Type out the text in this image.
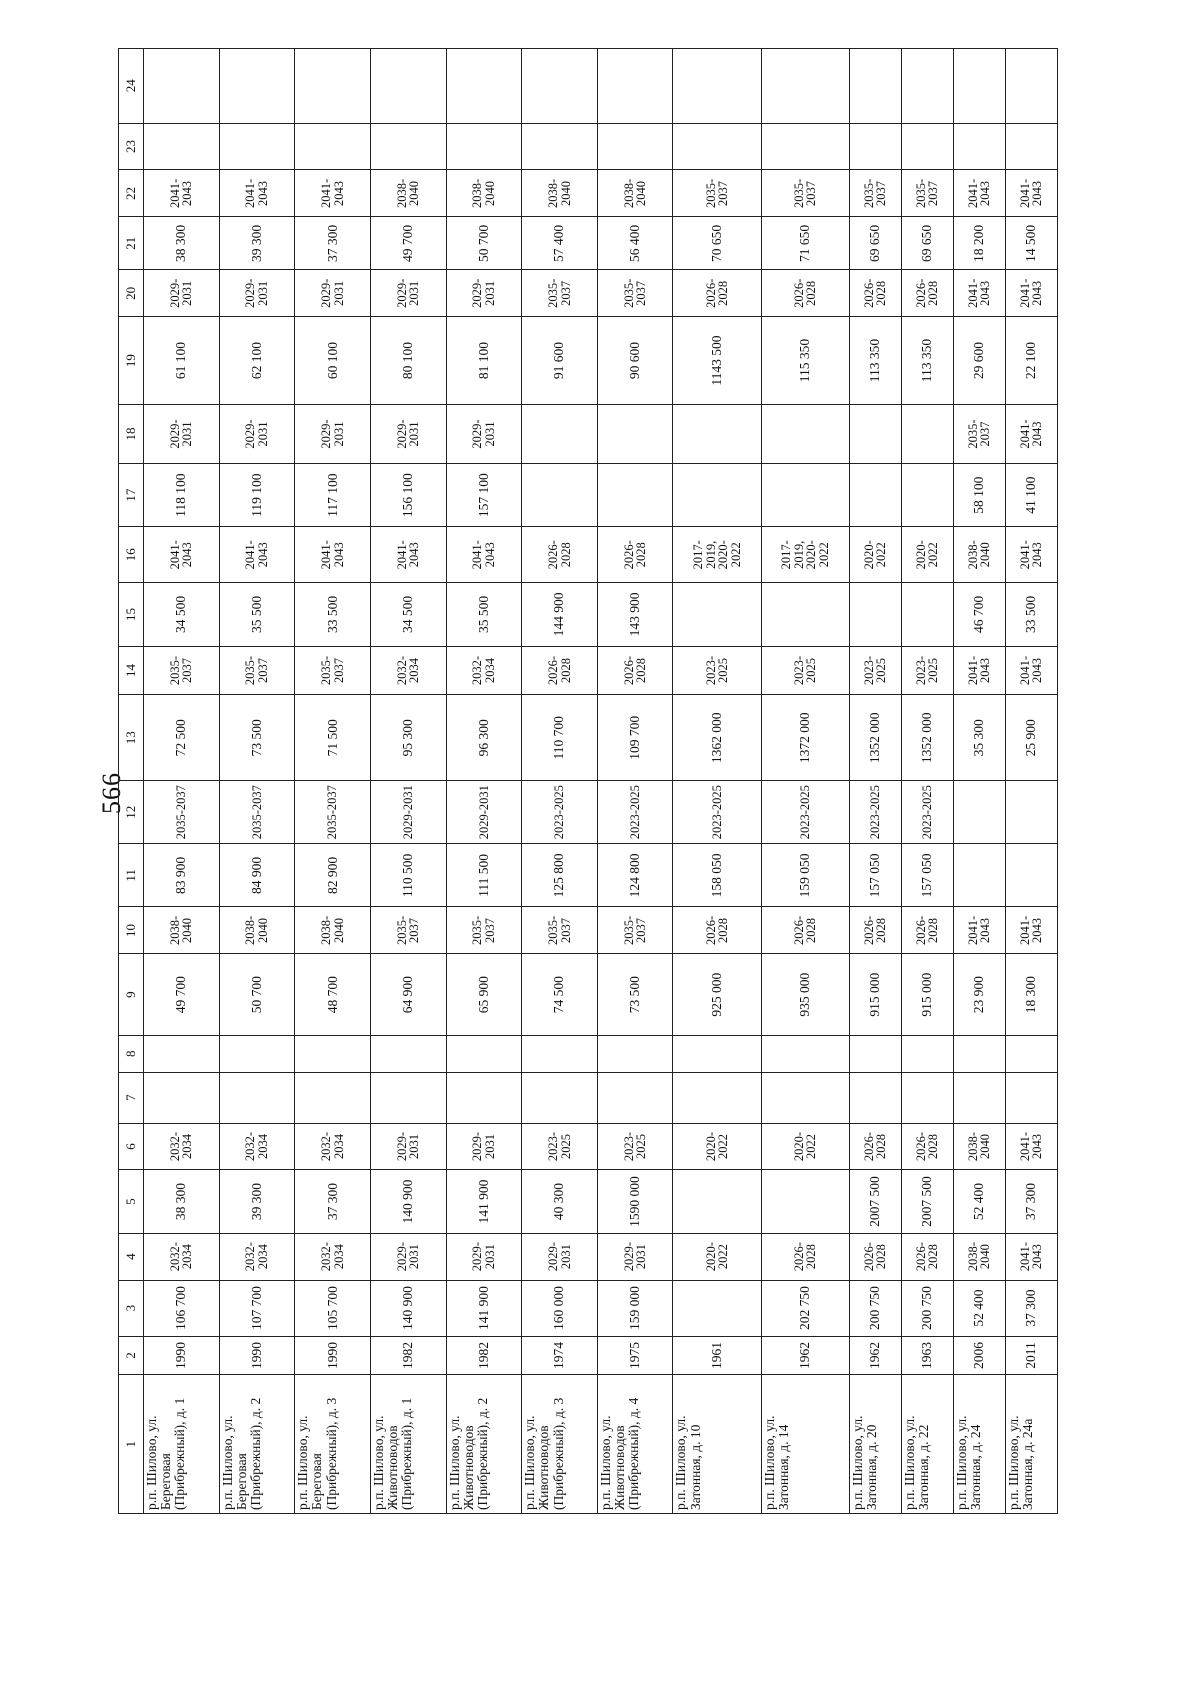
566
1	2	3	4	5	6	7	8	9	10	11	12	13	14	15	16	17	18	19	20	21	22	23	24
р.п. Шилово, ул. Береговая (Прибрежный), д. 1	1990	106 700	2032-2034	38 300	2032-2034			49 700	2038-2040	83 900	2035-2037	72 500	2035-2037	34 500	2041-2043	118 100	2029-2031	61 100	2029-2031	38 300	2041-2043		
р.п. Шилово, ул. Береговая (Прибрежный), д. 2	1990	107 700	2032-2034	39 300	2032-2034			50 700	2038-2040	84 900	2035-2037	73 500	2035-2037	35 500	2041-2043	119 100	2029-2031	62 100	2029-2031	39 300	2041-2043		
р.п. Шилово, ул. Береговая (Прибрежный), д. 3	1990	105 700	2032-2034	37 300	2032-2034			48 700	2038-2040	82 900	2035-2037	71 500	2035-2037	33 500	2041-2043	117 100	2029-2031	60 100	2029-2031	37 300	2041-2043		
р.п. Шилово, ул. Животноводов (Прибрежный), д. 1	1982	140 900	2029-2031	140 900	2029-2031			64 900	2035-2037	110 500	2029-2031	95 300	2032-2034	34 500	2041-2043	156 100	2029-2031	80 100	2029-2031	49 700	2038-2040		
р.п. Шилово, ул. Животноводов (Прибрежный), д. 2	1982	141 900	2029-2031	141 900	2029-2031			65 900	2035-2037	111 500	2029-2031	96 300	2032-2034	35 500	2041-2043	157 100	2029-2031	81 100	2029-2031	50 700	2038-2040		
р.п. Шилово, ул. Животноводов (Прибрежный), д. 3	1974	160 000	2029-2031	40 300	2023-2025			74 500	2035-2037	125 800	2023-2025	110 700	2026-2028	144 900	2026-2028			91 600	2035-2037	57 400	2038-2040		
р.п. Шилово, ул. Животноводов (Прибрежный), д. 4	1975	159 000	2029-2031	1590 000	2023-2025			73 500	2035-2037	124 800	2023-2025	109 700	2026-2028	143 900	2026-2028			90 600	2035-2037	56 400	2038-2040		
р.п. Шилово, ул. Затонная, д. 10	1961		2020-2022		2020-2022			925 000	2026-2028	158 050	2023-2025	1362 000	2023-2025		2017-2019, 2020-2022			1143 500	2026-2028	70 650	2035-2037		
р.п. Шилово, ул. Затонная, д. 14	1962	202 750	2026-2028		2020-2022			935 000	2026-2028	159 050	2023-2025	1372 000	2023-2025		2017-2019, 2020-2022			115 350	2026-2028	71 650	2035-2037		
р.п. Шилово, ул. Затонная, д. 20	1962	200 750	2026-2028	2007 500	2026-2028			915 000	2026-2028	157 050	2023-2025	1352 000	2023-2025		2020-2022			113 350	2026-2028	69 650	2035-2037		
р.п. Шилово, ул. Затонная, д. 22	1963	200 750	2026-2028	2007 500	2026-2028			915 000	2026-2028	157 050	2023-2025	1352 000	2023-2025		2020-2022			113 350	2026-2028	69 650	2035-2037		
р.п. Шилово, ул. Затонная, д. 24	2006	52 400	2038-2040	52 400	2038-2040			23 900	2041-2043			35 300	2041-2043	46 700	2038-2040	58 100	2035-2037	29 600	2041-2043	18 200	2041-2043		
р.п. Шилово, ул. Затонная, д. 24а	2011	37 300	2041-2043	37 300	2041-2043			18 300	2041-2043			25 900	2041-2043	33 500	2041-2043	41 100	2041-2043	22 100	2041-2043	14 500	2041-2043		
